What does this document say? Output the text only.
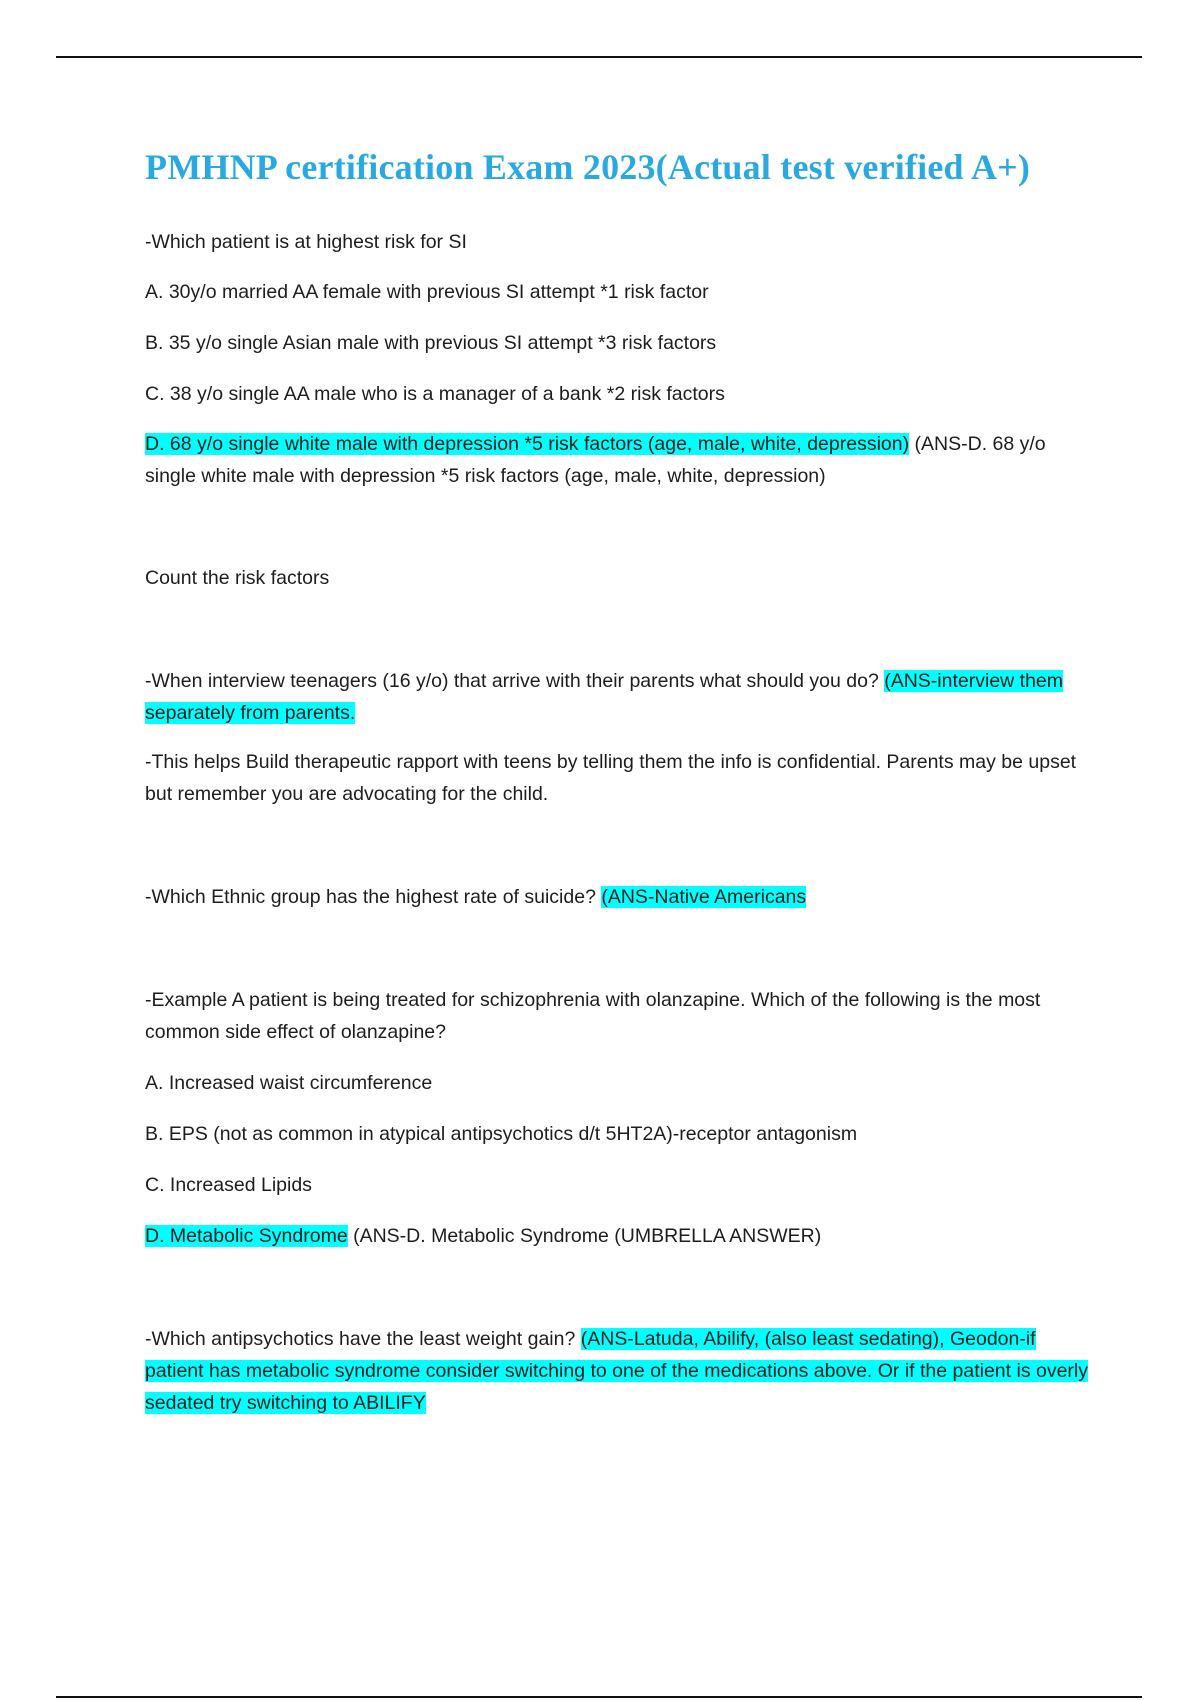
PMHNP certification Exam 2023(Actual test verified A+)

-Which patient is at highest risk for SI

A. 30y/o married AA female with previous SI attempt *1 risk factor

B. 35 y/o single Asian male with previous SI attempt *3 risk factors

C. 38 y/o single AA male who is a manager of a bank *2 risk factors

D. 68 y/o single white male with depression *5 risk factors (age, male, white, depression) (ANS-D. 68 y/o single white male with depression *5 risk factors (age, male, white, depression)

Count the risk factors

-When interview teenagers (16 y/o) that arrive with their parents what should you do? (ANS-interview them separately from parents.

-This helps Build therapeutic rapport with teens by telling them the info is confidential. Parents may be upset but remember you are advocating for the child.

-Which Ethnic group has the highest rate of suicide? (ANS-Native Americans

-Example A patient is being treated for schizophrenia with olanzapine. Which of the following is the most common side effect of olanzapine?

A. Increased waist circumference

B. EPS (not as common in atypical antipsychotics d/t 5HT2A)-receptor antagonism

C. Increased Lipids

D. Metabolic Syndrome (ANS-D. Metabolic Syndrome (UMBRELLA ANSWER)

-Which antipsychotics have the least weight gain? (ANS-Latuda, Abilify, (also least sedating), Geodon-if patient has metabolic syndrome consider switching to one of the medications above. Or if the patient is overly sedated try switching to ABILIFY
